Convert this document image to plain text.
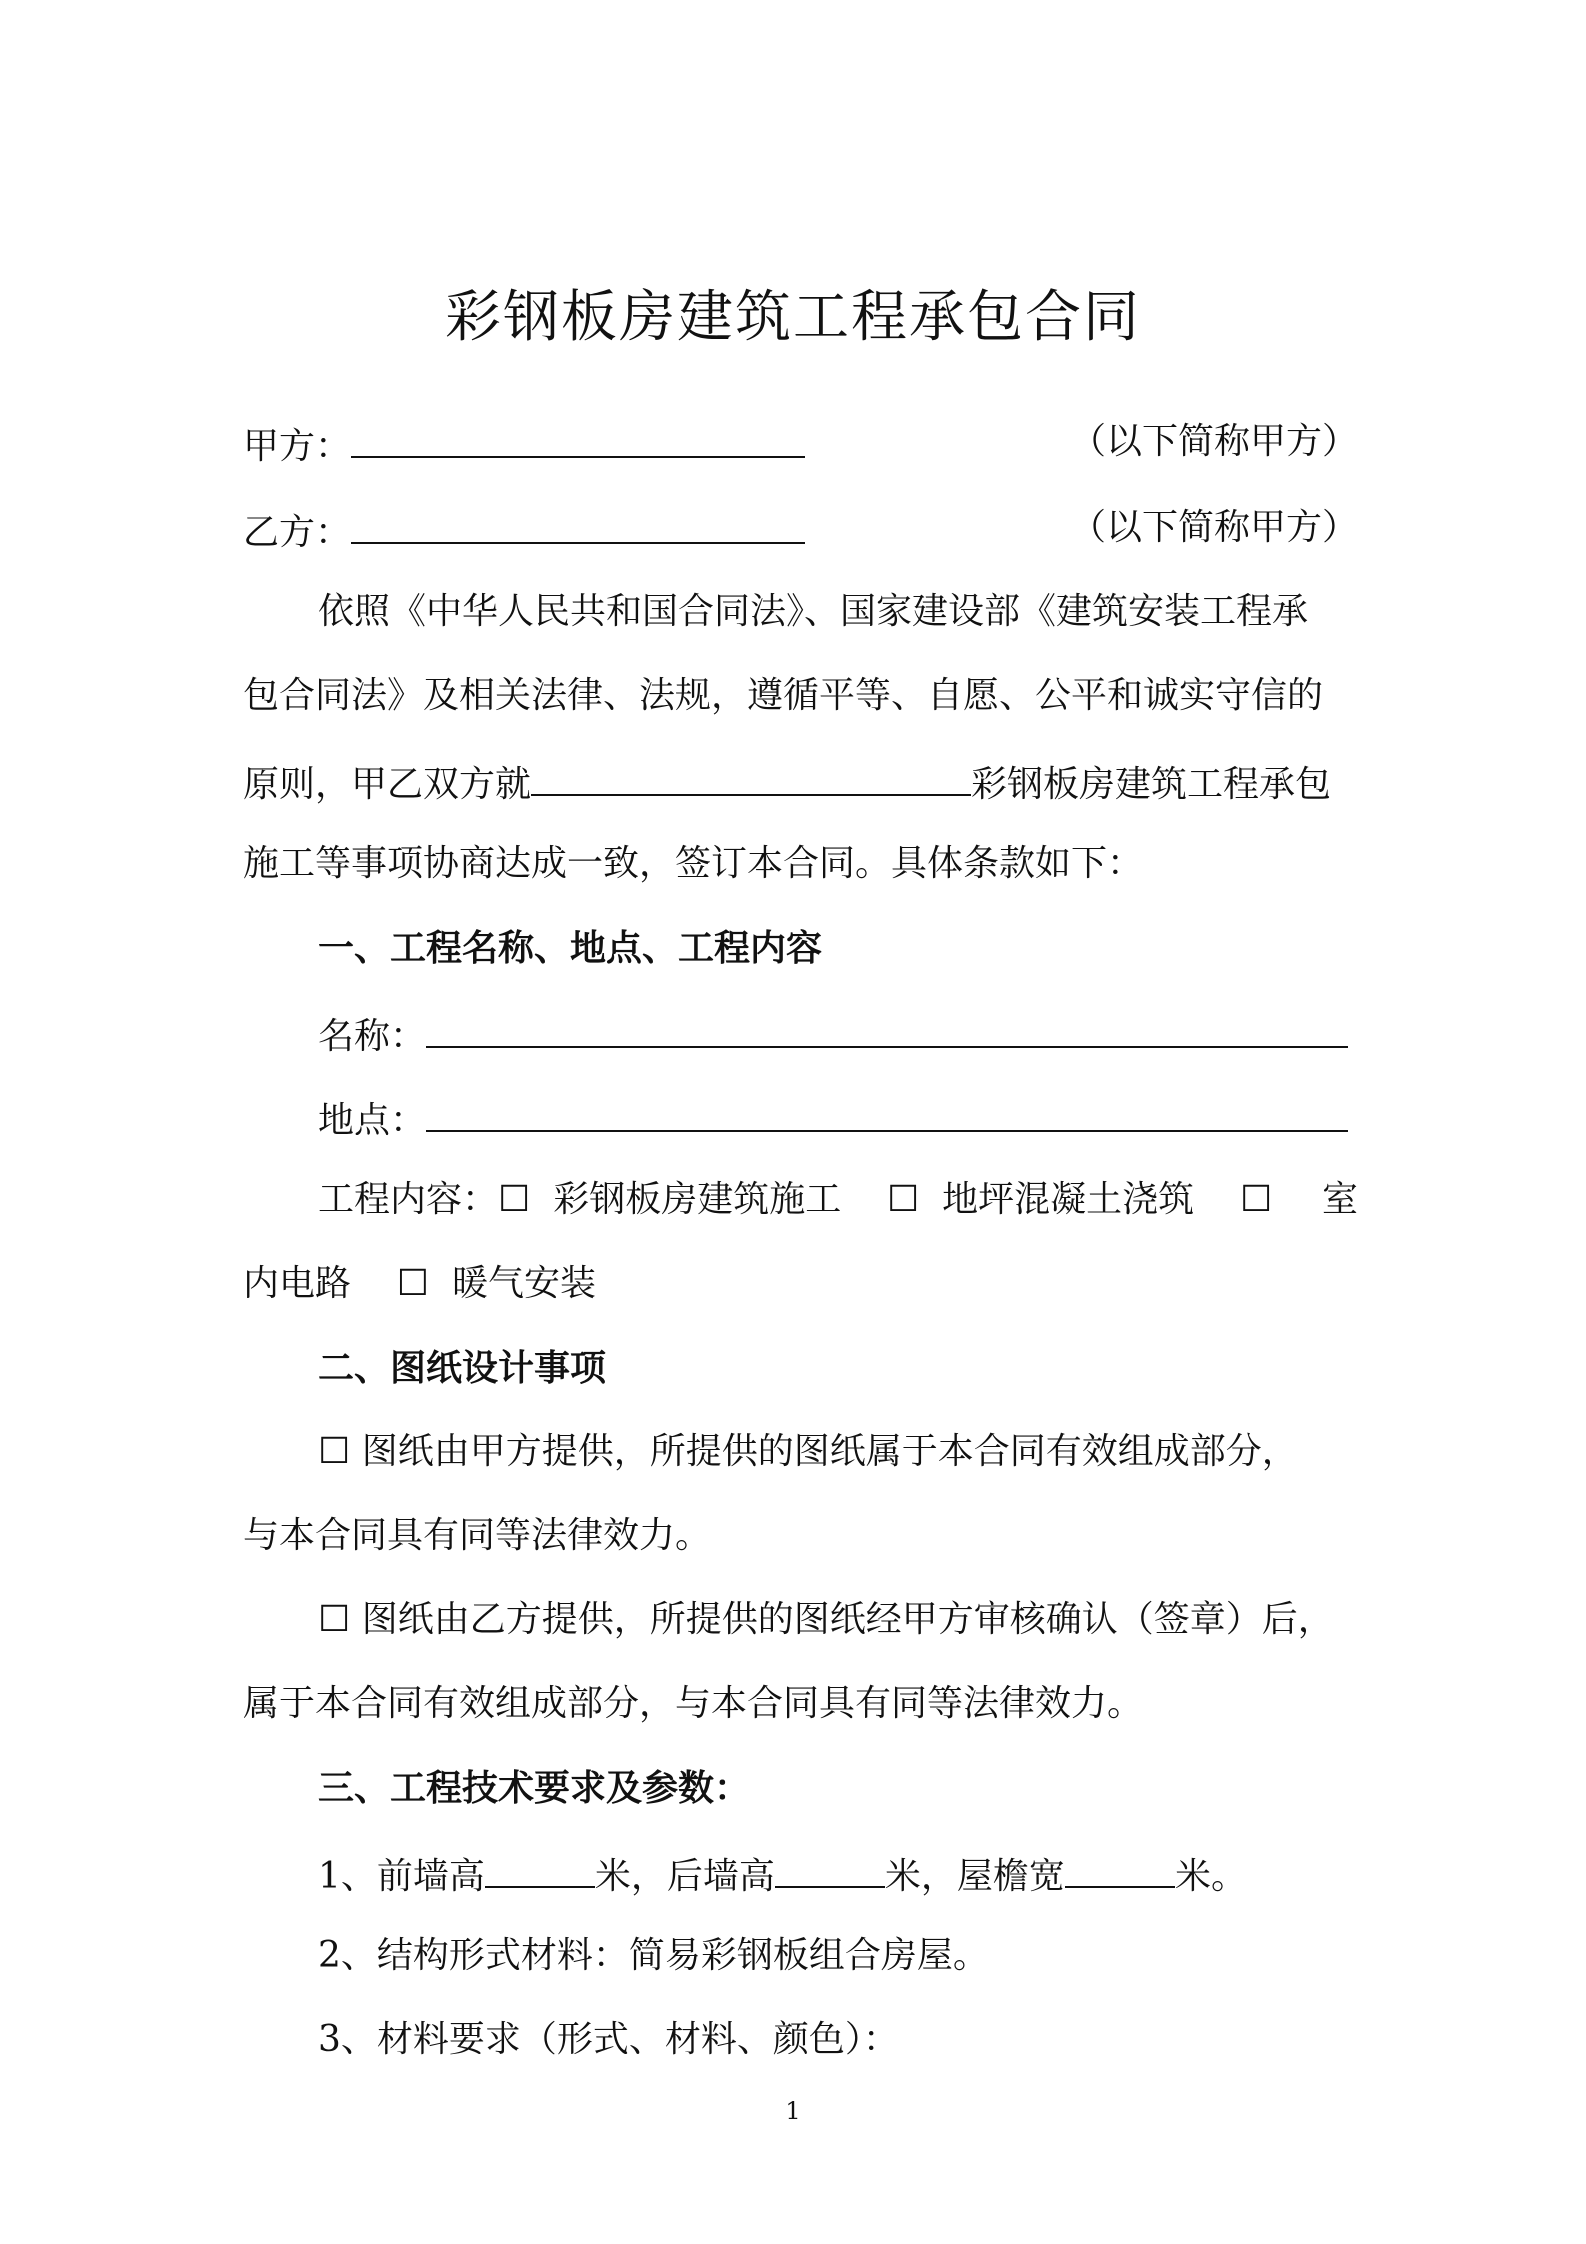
彩钢板房建筑工程承包合同
甲方：	（以下简称甲方）
乙方：	（以下简称甲方）
依照《中华人民共和国合同法》、国家建设部《建筑安装工程承
包合同法》及相关法律、法规，遵循平等、自愿、公平和诚实守信的
原则，甲乙双方就	彩钢板房建筑工程承包
施工等事项协商达成一致，签订本合同。具体条款如下：
一、工程名称、地点、工程内容
名称：
地点：
工程内容：☐ 彩钢板房建筑施工 ☐ 地坪混凝土浇筑 ☐ 室
内电路 ☐ 暖气安装
二、图纸设计事项
☐ 图纸由甲方提供，所提供的图纸属于本合同有效组成部分，
与本合同具有同等法律效力。
☐ 图纸由乙方提供，所提供的图纸经甲方审核确认（签章）后，
属于本合同有效组成部分，与本合同具有同等法律效力。
三、工程技术要求及参数：
1、前墙高	米，后墙高	米，屋檐宽	米。
2、结构形式材料：简易彩钢板组合房屋。
3、材料要求（形式、材料、颜色）：
1
